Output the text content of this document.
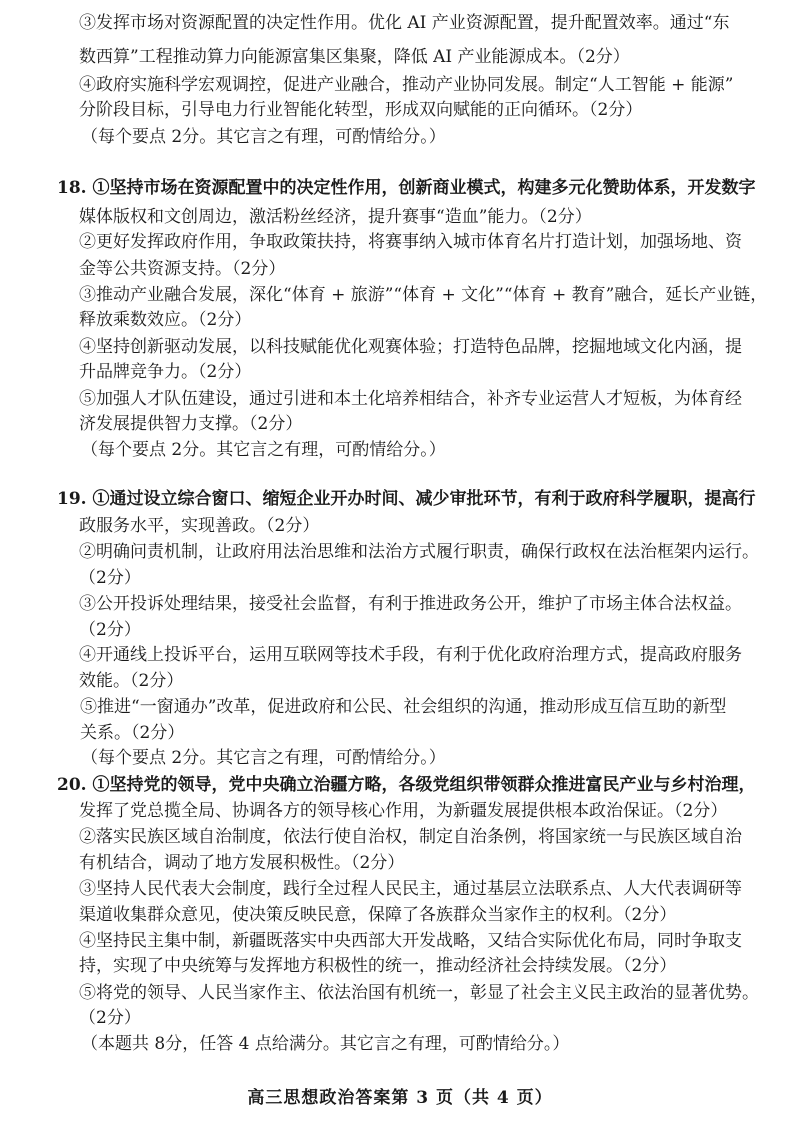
③发挥市场对资源配置的决定性作用。优化 AI 产业资源配置，提升配置效率。通过“东
数西算”工程推动算力向能源富集区集聚，降低 AI 产业能源成本。（2分）
④政府实施科学宏观调控，促进产业融合，推动产业协同发展。制定“人工智能 + 能源”
分阶段目标，引导电力行业智能化转型，形成双向赋能的正向循环。（2分）
（每个要点 2分。其它言之有理，可酌情给分。）
18. ①坚持市场在资源配置中的决定性作用，创新商业模式，构建多元化赞助体系，开发数字
媒体版权和文创周边，激活粉丝经济，提升赛事“造血”能力。（2分）
②更好发挥政府作用，争取政策扶持，将赛事纳入城市体育名片打造计划，加强场地、资
金等公共资源支持。（2分）
③推动产业融合发展，深化“体育 + 旅游”“体育 + 文化”“体育 + 教育”融合，延长产业链，
释放乘数效应。（2分）
④坚持创新驱动发展，以科技赋能优化观赛体验；打造特色品牌，挖掘地域文化内涵，提
升品牌竞争力。（2分）
⑤加强人才队伍建设，通过引进和本土化培养相结合，补齐专业运营人才短板，为体育经
济发展提供智力支撑。（2分）
（每个要点 2分。其它言之有理，可酌情给分。）
19. ①通过设立综合窗口、缩短企业开办时间、减少审批环节，有利于政府科学履职，提高行
政服务水平，实现善政。（2分）
②明确问责机制，让政府用法治思维和法治方式履行职责，确保行政权在法治框架内运行。
（2分）
③公开投诉处理结果，接受社会监督，有利于推进政务公开，维护了市场主体合法权益。
（2分）
④开通线上投诉平台，运用互联网等技术手段，有利于优化政府治理方式，提高政府服务
效能。（2分）
⑤推进“一窗通办”改革，促进政府和公民、社会组织的沟通，推动形成互信互助的新型
关系。（2分）
（每个要点 2分。其它言之有理，可酌情给分。）
20. ①坚持党的领导，党中央确立治疆方略，各级党组织带领群众推进富民产业与乡村治理，
发挥了党总揽全局、协调各方的领导核心作用，为新疆发展提供根本政治保证。（2分）
②落实民族区域自治制度，依法行使自治权，制定自治条例，将国家统一与民族区域自治
有机结合，调动了地方发展积极性。（2分）
③坚持人民代表大会制度，践行全过程人民民主，通过基层立法联系点、人大代表调研等
渠道收集群众意见，使决策反映民意，保障了各族群众当家作主的权利。（2分）
④坚持民主集中制，新疆既落实中央西部大开发战略，又结合实际优化布局，同时争取支
持，实现了中央统筹与发挥地方积极性的统一，推动经济社会持续发展。（2分）
⑤将党的领导、人民当家作主、依法治国有机统一，彰显了社会主义民主政治的显著优势。
（2分）
（本题共 8分，任答 4 点给满分。其它言之有理，可酌情给分。）
高三思想政治答案第 3 页（共 4 页）
